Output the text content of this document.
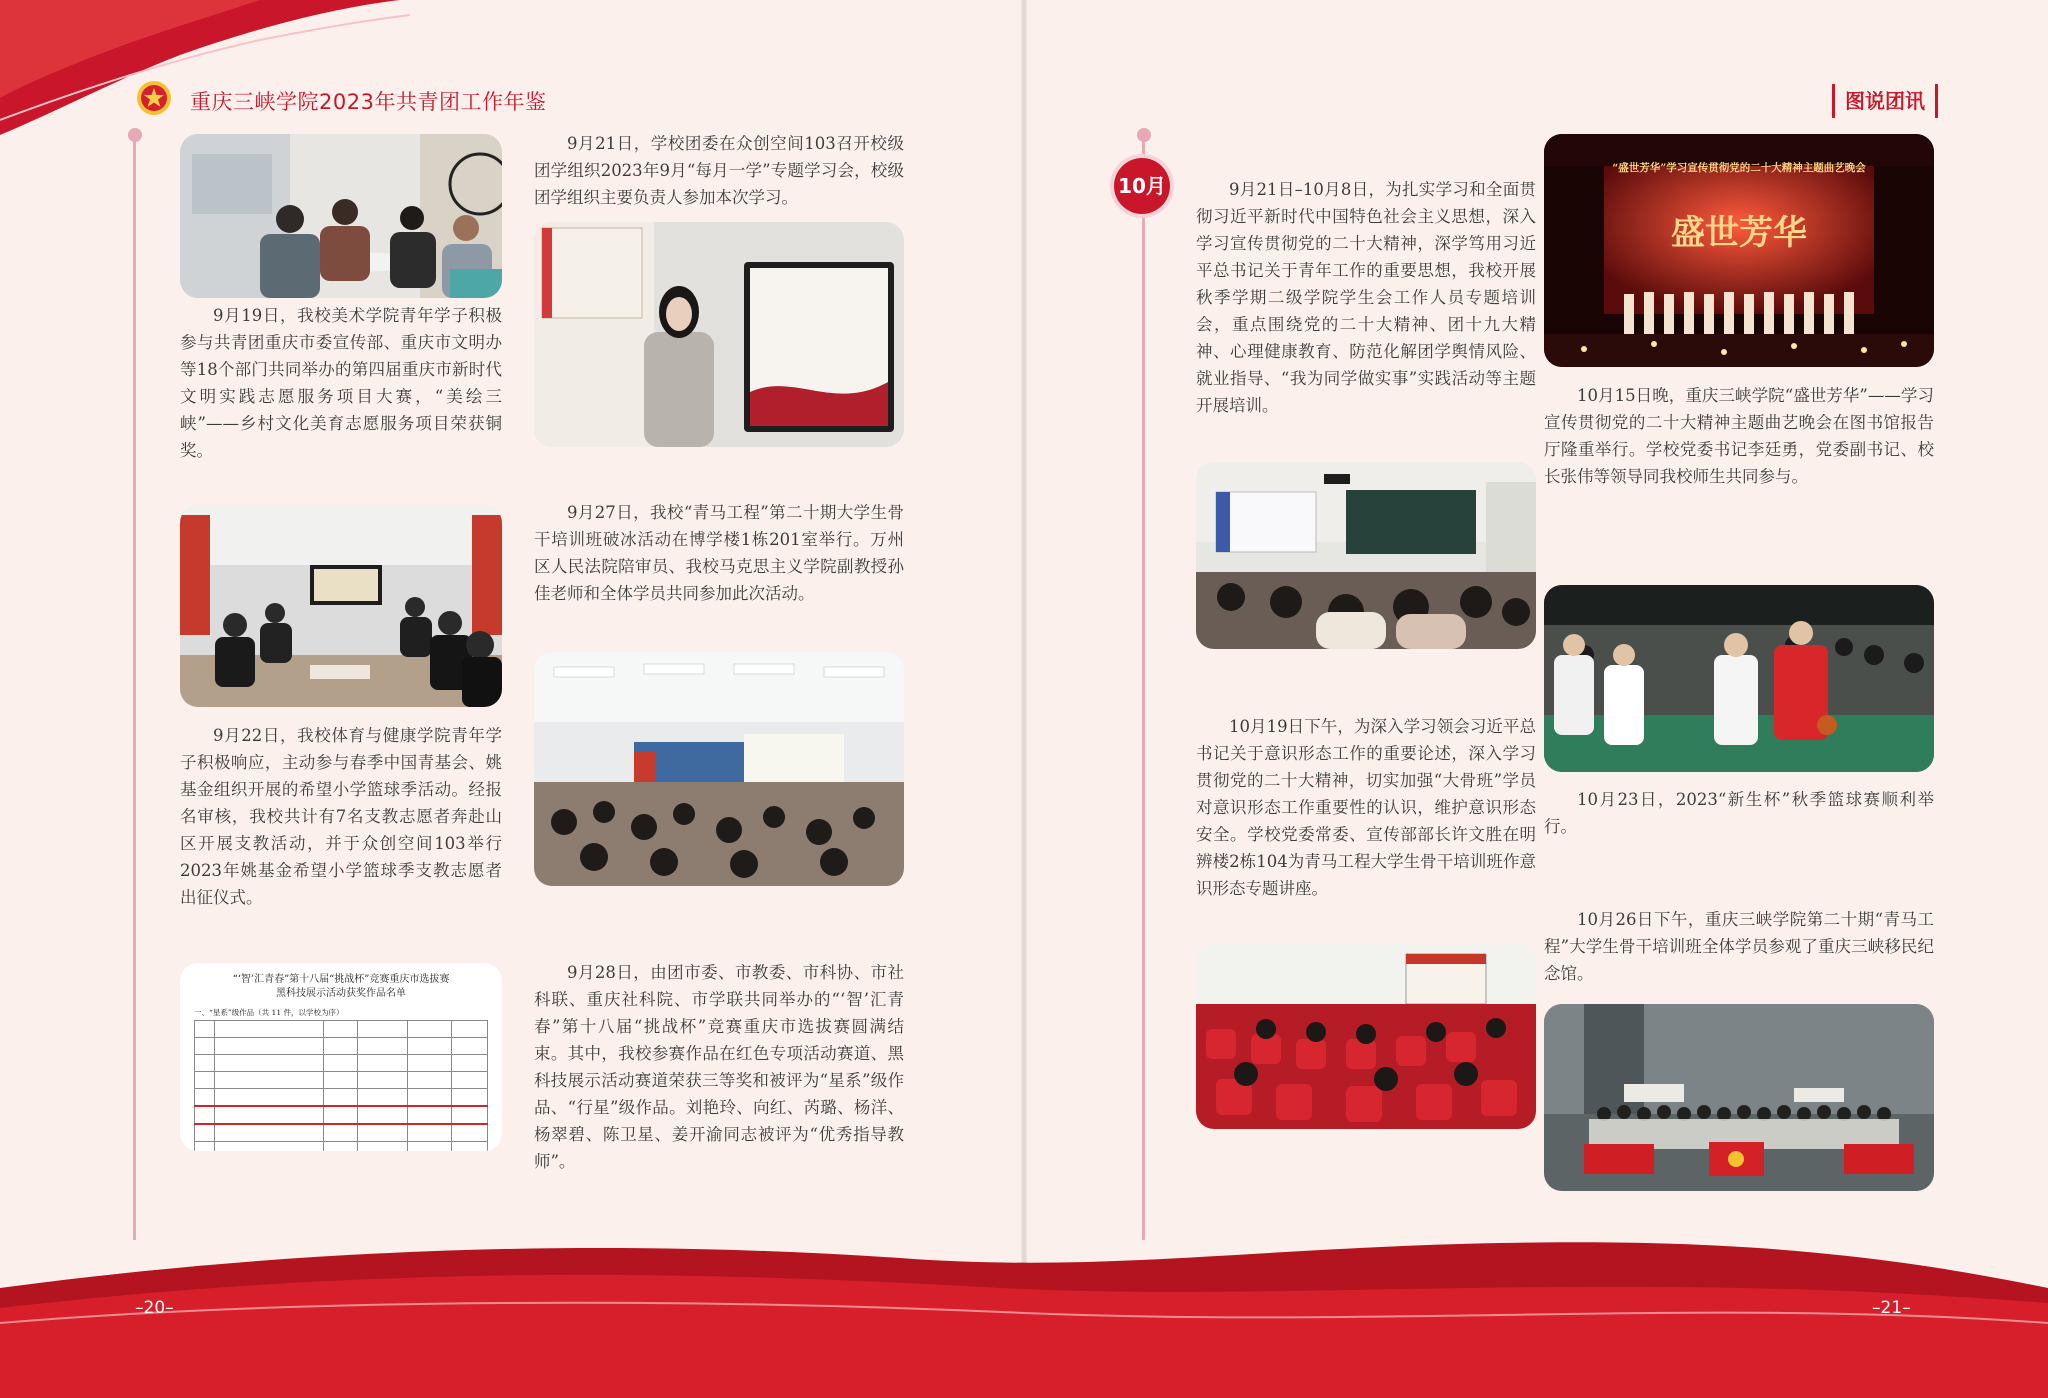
重庆三峡学院2023年共青团工作年鉴

9月19日，我校美术学院青年学子积极参与共青团重庆市委宣传部、重庆市文明办等18个部门共同举办的第四届重庆市新时代文明实践志愿服务项目大赛，“美绘三峡”——乡村文化美育志愿服务项目荣获铜奖。

9月21日，学校团委在众创空间103召开校级团学组织2023年9月“每月一学”专题学习会，校级团学组织主要负责人参加本次学习。

9月22日，我校体育与健康学院青年学子积极响应，主动参与春季中国青基会、姚基金组织开展的希望小学篮球季活动。经报名审核，我校共计有7名支教志愿者奔赴山区开展支教活动，并于众创空间103举行2023年姚基金希望小学篮球季支教志愿者出征仪式。

9月27日，我校“青马工程”第二十期大学生骨干培训班破冰活动在博学楼1栋201室举行。万州区人民法院陪审员、我校马克思主义学院副教授孙佳老师和全体学员共同参加此次活动。

“‘智’汇青春”第十八届“挑战杯”竞赛重庆市选拔赛
黑科技展示活动获奖作品名单
一、“星系”级作品（共 11 件，以学校为序）

9月28日，由团市委、市教委、市科协、市社科联、重庆社科院、市学联共同举办的“‘智’汇青春”第十八届“挑战杯”竞赛重庆市选拔赛圆满结束。其中，我校参赛作品在红色专项活动赛道、黑科技展示活动赛道荣获三等奖和被评为“星系”级作品、“行星”级作品。刘艳玲、向红、芮璐、杨洋、杨翠碧、陈卫星、姜开渝同志被评为“优秀指导教师”。

图说团讯

9月21日–10月8日，为扎实学习和全面贯彻习近平新时代中国特色社会主义思想，深入学习宣传贯彻党的二十大精神，深学笃用习近平总书记关于青年工作的重要思想，我校开展秋季学期二级学院学生会工作人员专题培训会，重点围绕党的二十大精神、团十九大精神、心理健康教育、防范化解团学舆情风险、就业指导、“我为同学做实事”实践活动等主题开展培训。

10月19日下午，为深入学习领会习近平总书记关于意识形态工作的重要论述，深入学习贯彻党的二十大精神，切实加强“大骨班”学员对意识形态工作重要性的认识，维护意识形态安全。学校党委常委、宣传部部长许文胜在明辨楼2栋104为青马工程大学生骨干培训班作意识形态专题讲座。

盛世芳华
“盛世芳华”学习宣传贯彻党的二十大精神主题曲艺晚会

10月15日晚，重庆三峡学院“盛世芳华”——学习宣传贯彻党的二十大精神主题曲艺晚会在图书馆报告厅隆重举行。学校党委书记李廷勇，党委副书记、校长张伟等领导同我校师生共同参与。

10月23日，2023“新生杯”秋季篮球赛顺利举行。

10月26日下午，重庆三峡学院第二十期“青马工程”大学生骨干培训班全体学员参观了重庆三峡移民纪念馆。

10月
–20–	–21–
